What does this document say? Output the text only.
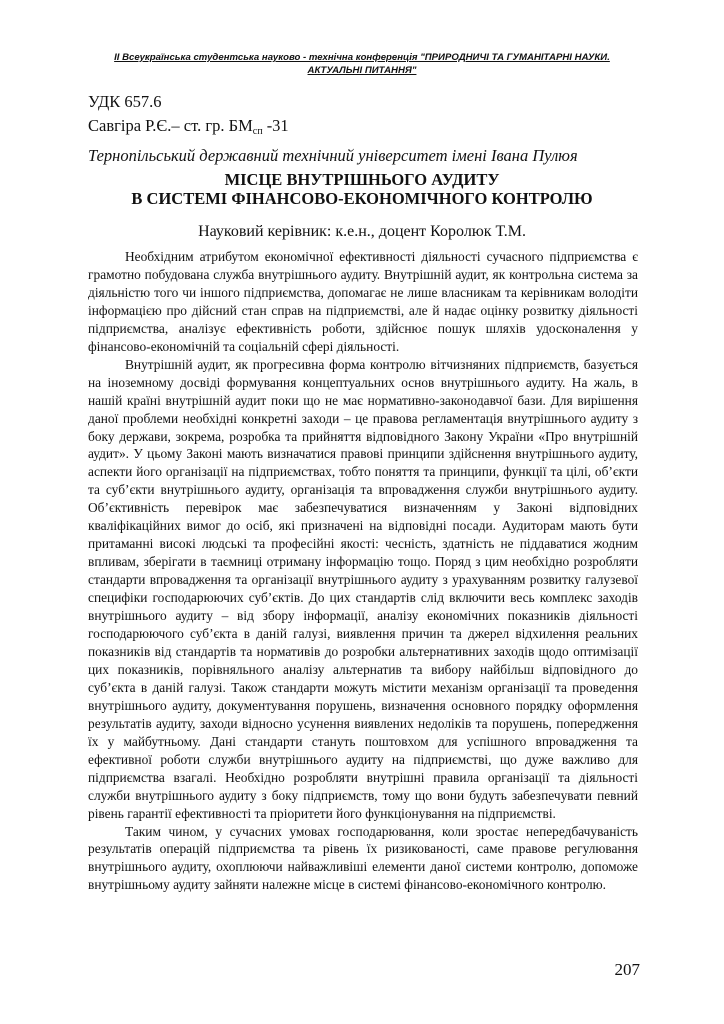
ІІ Всеукраїнська студентська науково - технічна конференція "ПРИРОДНИЧІ ТА ГУМАНІТАРНІ НАУКИ.
АКТУАЛЬНІ ПИТАННЯ"
УДК 657.6
Савгіра Р.Є.– ст. гр. $БМ_{сп}$ -31
Тернопільський державний технічний університет імені Івана Пулюя
МІСЦЕ ВНУТРІШНЬОГО АУДИТУ
В СИСТЕМІ ФІНАНСОВО-ЕКОНОМІЧНОГО КОНТРОЛЮ
Науковий керівник: к.е.н., доцент Королюк Т.М.

Необхідним атрибутом економічної ефективності діяльності сучасного підприємства є грамотно побудована служба внутрішнього аудиту. Внутрішній аудит, як контрольна система за діяльністю того чи іншого підприємства, допомагає не лише власникам та керівникам володіти інформацією про дійсний стан справ на підприємстві, але й надає оцінку розвитку діяльності підприємства, аналізує ефективність роботи, здійснює пошук шляхів удосконалення у фінансово-економічній та соціальній сфері діяльності.

Внутрішній аудит, як прогресивна форма контролю вітчизняних підприємств, базується на іноземному досвіді формування концептуальних основ внутрішнього аудиту. На жаль, в нашій країні внутрішній аудит поки що не має нормативно-законодавчої бази. Для вирішення даної проблеми необхідні конкретні заходи – це правова регламентація внутрішнього аудиту з боку держави, зокрема, розробка та прийняття відповідного Закону України «Про внутрішній аудит». У цьому Законі мають визначатися правові принципи здійснення внутрішнього аудиту, аспекти його організації на підприємствах, тобто поняття та принципи, функції та цілі, об’єкти та суб’єкти внутрішнього аудиту, організація та впровадження служби внутрішнього аудиту. Об’єктивність перевірок має забезпечуватися визначенням у Законі відповідних кваліфікаційних вимог до осіб, які призначені на відповідні посади. Аудиторам мають бути притаманні високі людські та професійні якості: чесність, здатність не піддаватися жодним впливам, зберігати в таємниці отриману інформацію тощо. Поряд з цим необхідно розробляти стандарти впровадження та організації внутрішнього аудиту з урахуванням розвитку галузевої специфіки господарюючих суб’єктів. До цих стандартів слід включити весь комплекс заходів внутрішнього аудиту – від збору інформації, аналізу економічних показників діяльності господарюючого суб’єкта в даній галузі, виявлення причин та джерел відхилення реальних показників від стандартів та нормативів до розробки альтернативних заходів щодо оптимізації цих показників, порівняльного аналізу альтернатив та вибору найбільш відповідного до суб’єкта в даній галузі. Також стандарти можуть містити механізм організації та проведення внутрішнього аудиту, документування порушень, визначення основного порядку оформлення результатів аудиту, заходи відносно усунення виявлених недоліків та порушень, попередження їх у майбутньому. Дані стандарти стануть поштовхом для успішного впровадження та ефективної роботи служби внутрішнього аудиту на підприємстві, що дуже важливо для підприємства взагалі. Необхідно розробляти внутрішні правила організації та діяльності служби внутрішнього аудиту з боку підприємств, тому що вони будуть забезпечувати певний рівень гарантії ефективності та пріоритети його функціонування на підприємстві.

Таким чином, у сучасних умовах господарювання, коли зростає непередбачуваність результатів операцій підприємства та рівень їх ризикованості, саме правове регулювання внутрішнього аудиту, охоплюючи найважливіші елементи даної системи контролю, допоможе внутрішньому аудиту зайняти належне місце в системі фінансово-економічного контролю.

207
